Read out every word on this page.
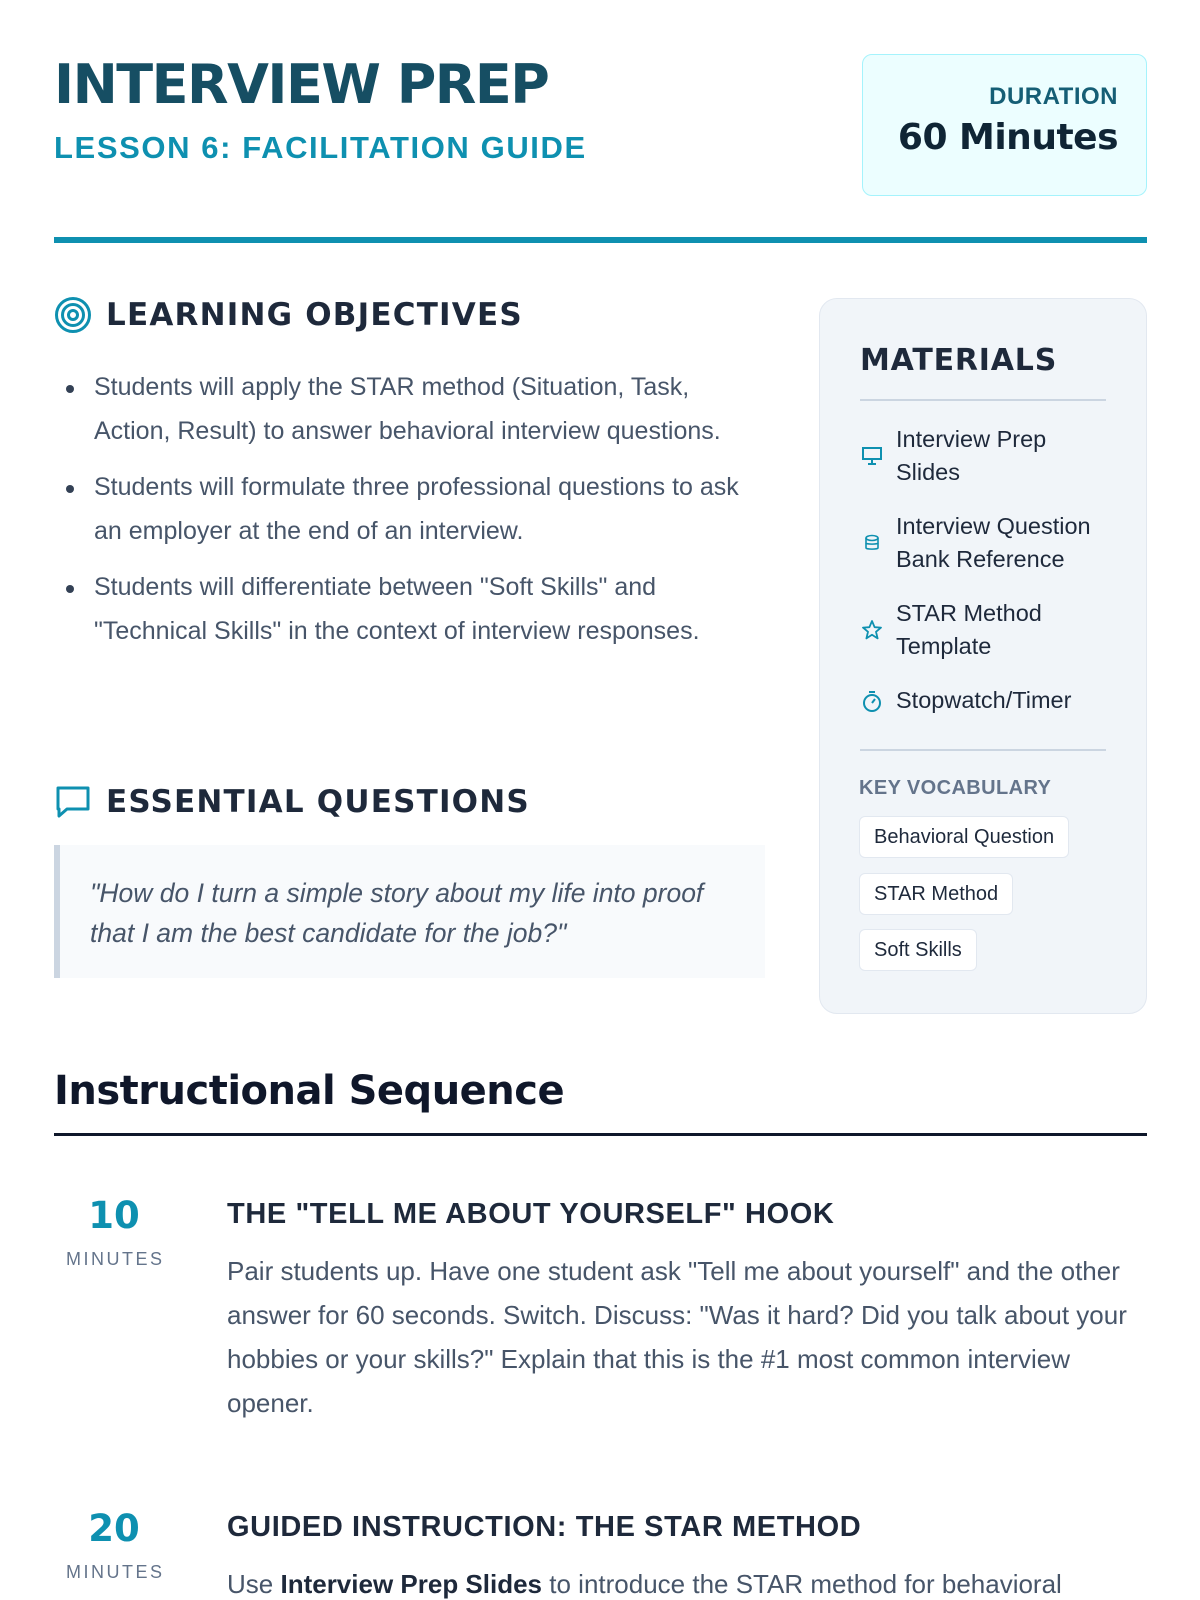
INTERVIEW PREP
LESSON 6: FACILITATION GUIDE
DURATION
60 Minutes
LEARNING OBJECTIVES
Students will apply the STAR method (Situation, Task, Action, Result) to answer behavioral interview questions.
Students will formulate three professional questions to ask an employer at the end of an interview.
Students will differentiate between "Soft Skills" and "Technical Skills" in the context of interview responses.
ESSENTIAL QUESTIONS
"How do I turn a simple story about my life into proof that I am the best candidate for the job?"
MATERIALS
Interview Prep Slides
Interview Question Bank Reference
STAR Method Template
Stopwatch/Timer
KEY VOCABULARY
Behavioral Question
STAR Method
Soft Skills
Instructional Sequence
10
MINUTES
THE "TELL ME ABOUT YOURSELF" HOOK
Pair students up. Have one student ask "Tell me about yourself" and the other answer for 60 seconds. Switch. Discuss: "Was it hard? Did you talk about your hobbies or your skills?" Explain that this is the #1 most common interview opener.
20
MINUTES
GUIDED INSTRUCTION: THE STAR METHOD
Use Interview Prep Slides to introduce the STAR method for behavioral
